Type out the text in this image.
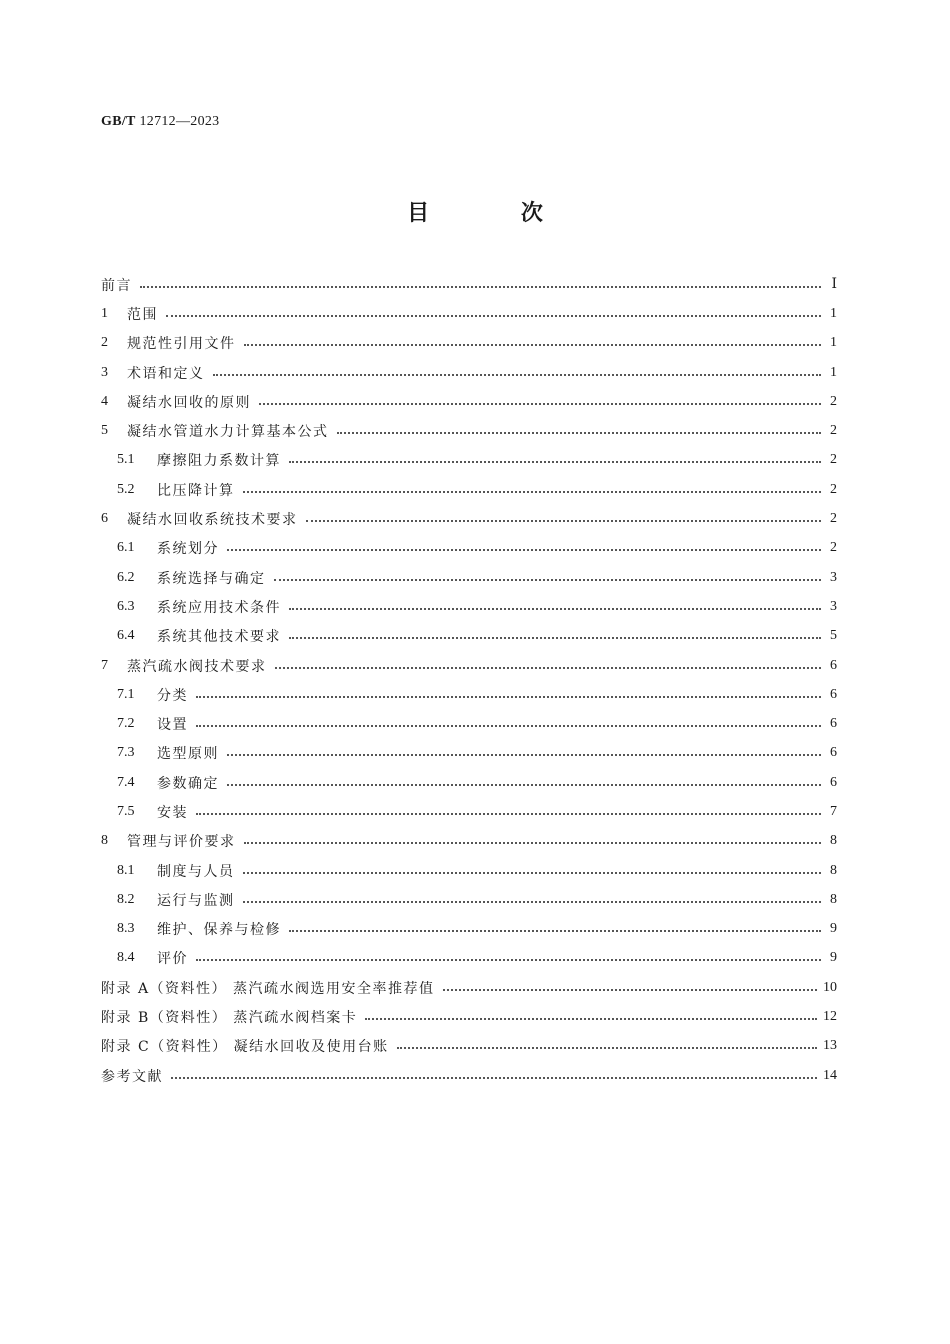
GB/T 12712—2023
目 次
前言	Ⅰ
1	范围	1
2	规范性引用文件	1
3	术语和定义	1
4	凝结水回收的原则	2
5	凝结水管道水力计算基本公式	2
5.1	摩擦阻力系数计算	2
5.2	比压降计算	2
6	凝结水回收系统技术要求	2
6.1	系统划分	2
6.2	系统选择与确定	3
6.3	系统应用技术条件	3
6.4	系统其他技术要求	5
7	蒸汽疏水阀技术要求	6
7.1	分类	6
7.2	设置	6
7.3	选型原则	6
7.4	参数确定	6
7.5	安装	7
8	管理与评价要求	8
8.1	制度与人员	8
8.2	运行与监测	8
8.3	维护、保养与检修	9
8.4	评价	9
附录 A（资料性） 蒸汽疏水阀选用安全率推荐值	10
附录 B（资料性） 蒸汽疏水阀档案卡	12
附录 C（资料性） 凝结水回收及使用台账	13
参考文献	14
